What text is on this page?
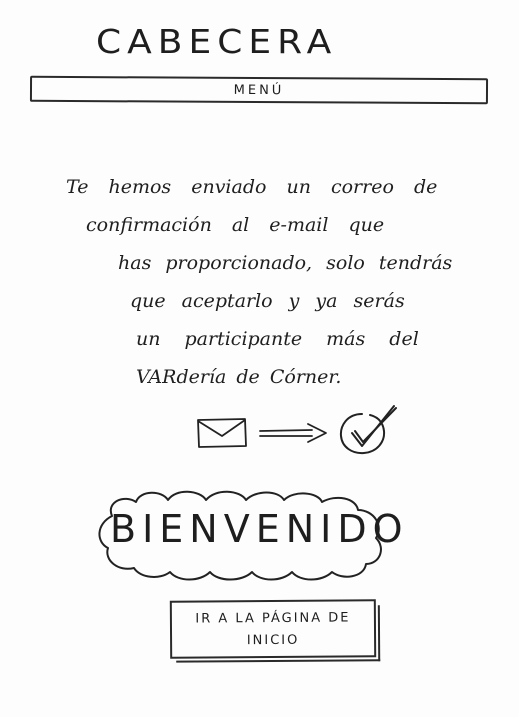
CABECERA
MENÚ
Te hemos enviado un correo de
confirmación al e-mail que
has proporcionado, solo tendrás
que aceptarlo y ya serás
un participante más del
VARdería de Córner.
BIENVENIDO
IR A LA PÁGINA DE
INICIO
